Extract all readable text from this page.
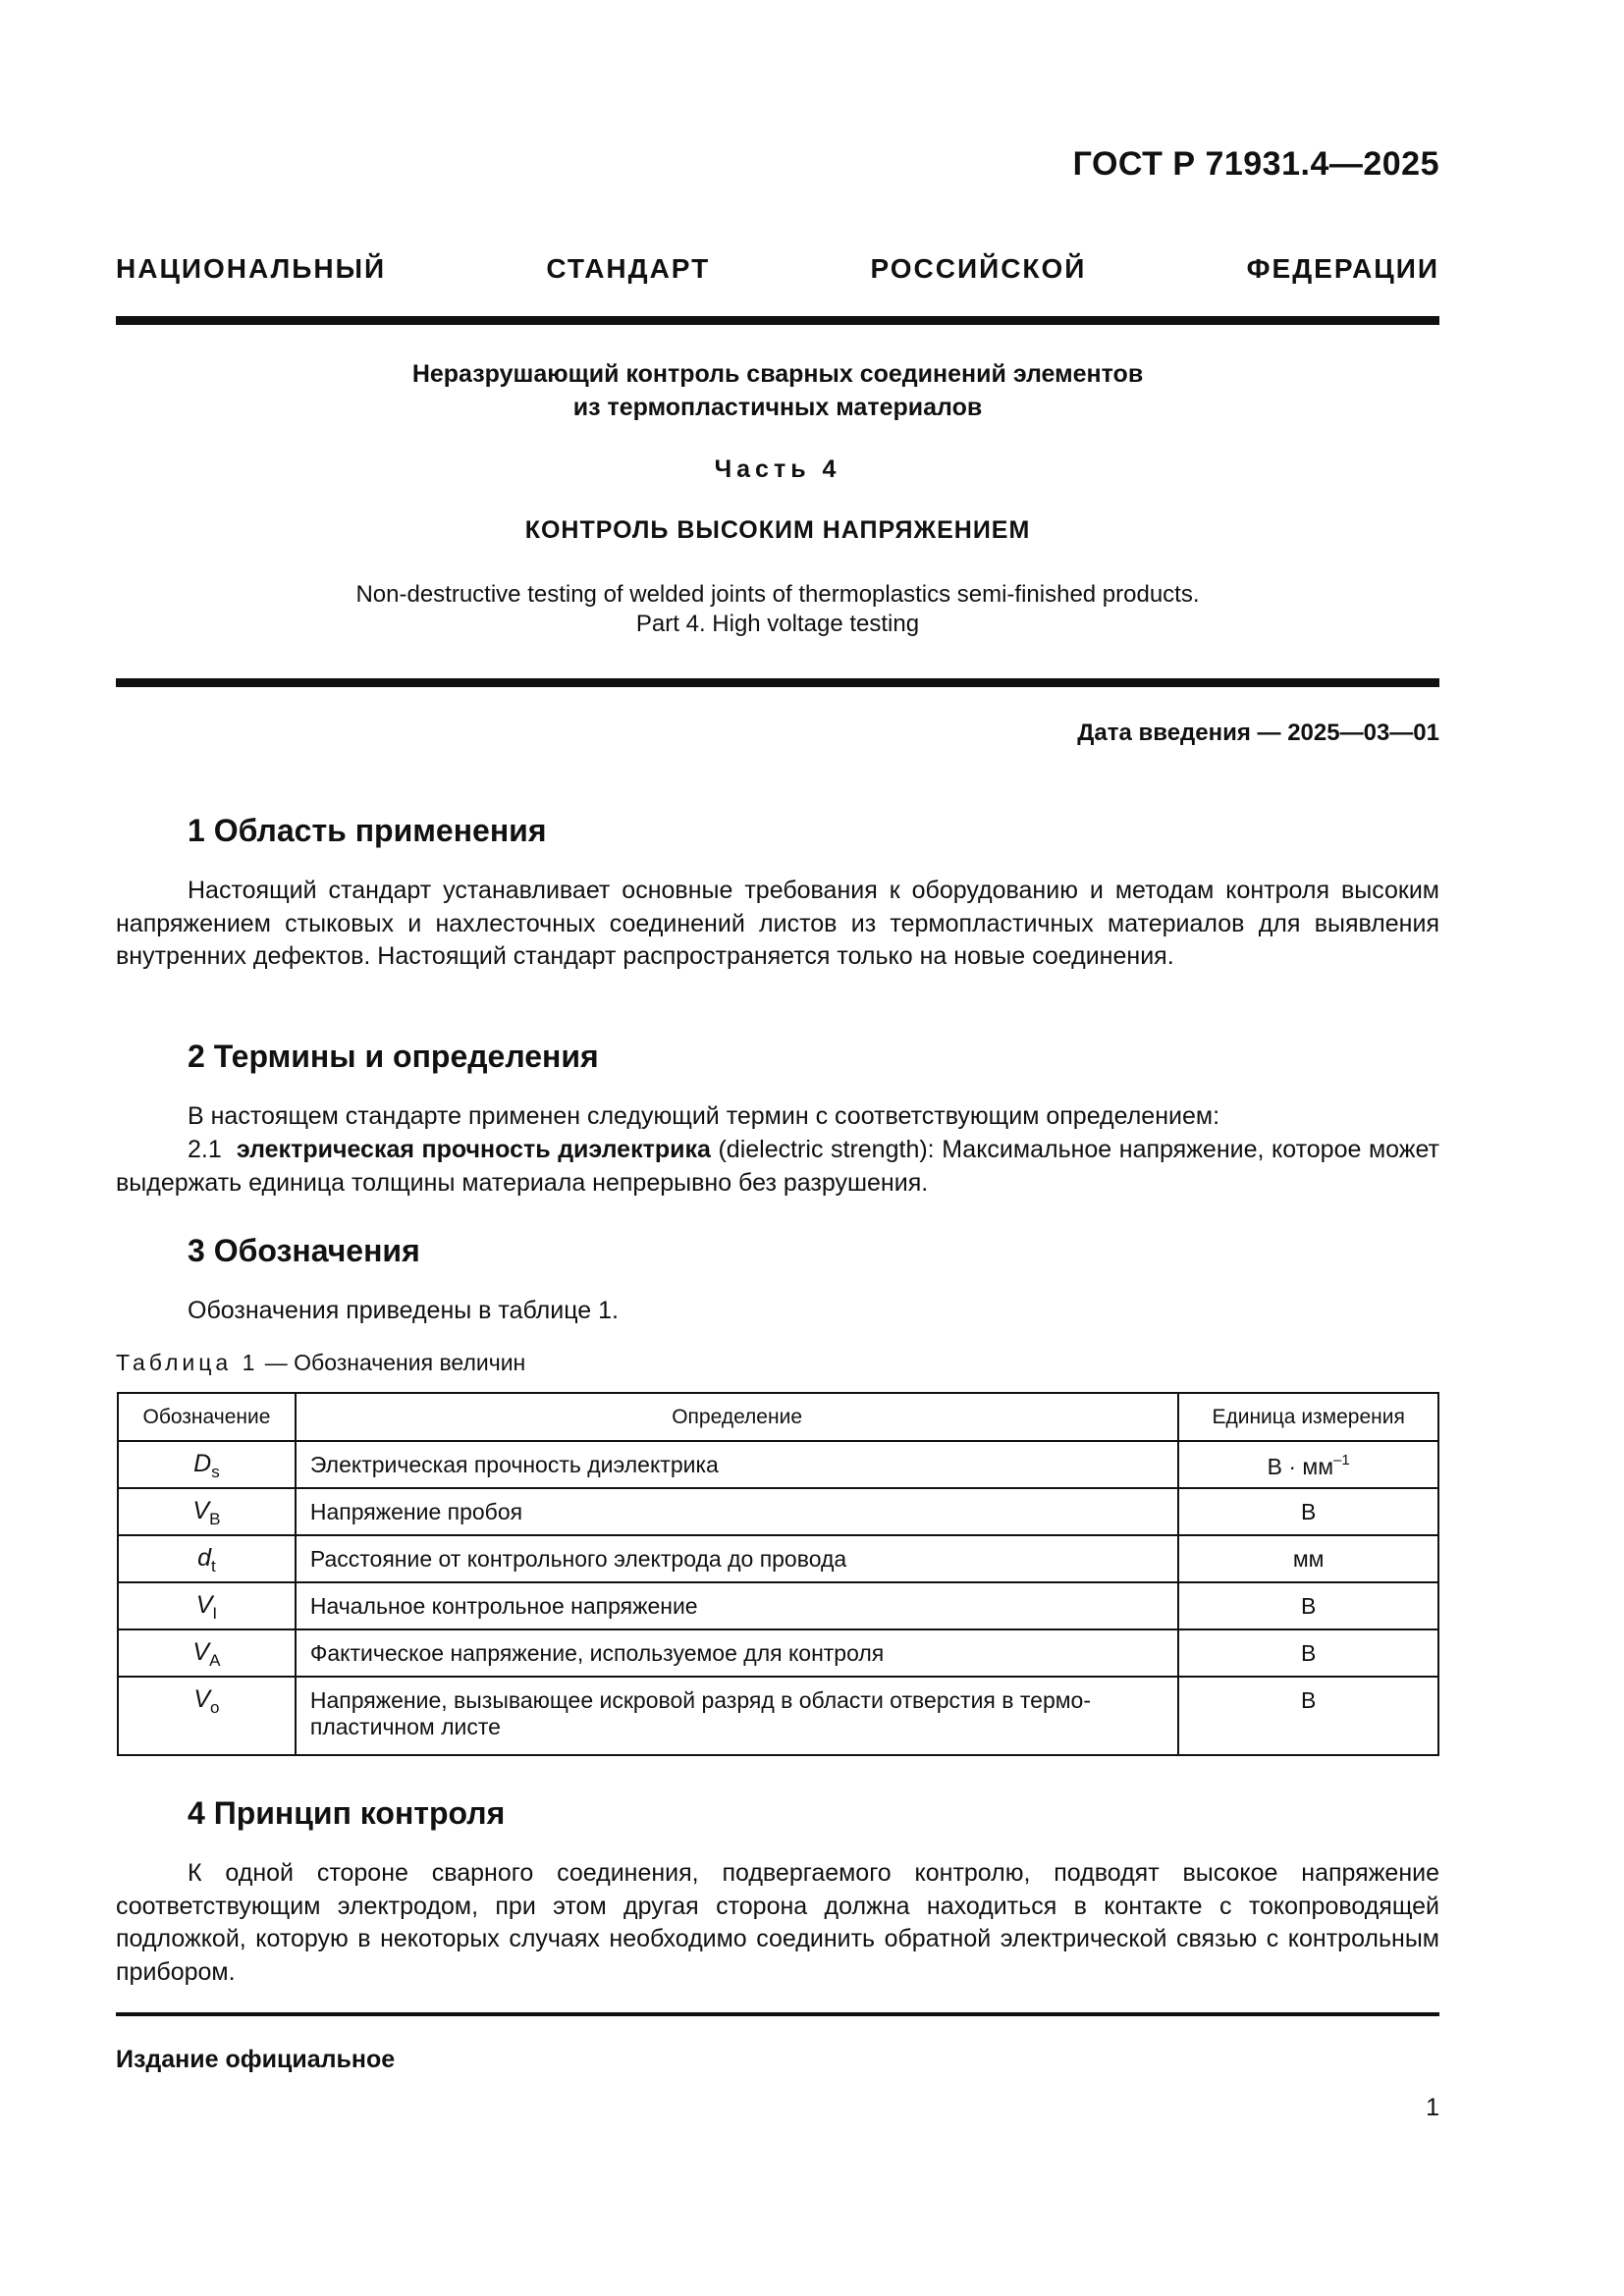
ГОСТ Р 71931.4—2025
НАЦИОНАЛЬНЫЙ СТАНДАРТ РОССИЙСКОЙ ФЕДЕРАЦИИ
Неразрушающий контроль сварных соединений элементов
из термопластичных материалов
Часть 4
КОНТРОЛЬ ВЫСОКИМ НАПРЯЖЕНИЕМ
Non-destructive testing of welded joints of thermoplastics semi-finished products.
Part 4. High voltage testing
Дата введения — 2025—03—01
1 Область применения

Настоящий стандарт устанавливает основные требования к оборудованию и методам контроля высоким напряжением стыковых и нахлесточных соединений листов из термопластичных материалов для выявления внутренних дефектов. Настоящий стандарт распространяется только на новые соединения.

2 Термины и определения

В настоящем стандарте применен следующий термин с соответствующим определением:

2.1 электрическая прочность диэлектрика (dielectric strength): Максимальное напряжение, которое может выдержать единица толщины материала непрерывно без разрушения.

3 Обозначения
Обозначения приведены в таблице 1.
Таблица 1 — Обозначения величин
Обозначение	Определение	Единица измерения
$D_s$	Электрическая прочность диэлектрика	$В \cdot мм^{-1}$
$V_B$	Напряжение пробоя	В
$d_t$	Расстояние от контрольного электрода до провода	мм
$V_I$	Начальное контрольное напряжение	В
$V_A$	Фактическое напряжение, используемое для контроля	В
$V_o$	Напряжение, вызывающее искровой разряд в области отверстия в термопластичном листе	В
4 Принцип контроля

К одной стороне сварного соединения, подвергаемого контролю, подводят высокое напряжение соответствующим электродом, при этом другая сторона должна находиться в контакте с токопроводящей подложкой, которую в некоторых случаях необходимо соединить обратной электрической связью с контрольным прибором.

Издание официальное
1
